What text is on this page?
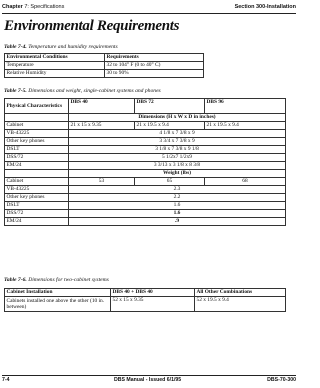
Chapter 7: Specifications	Section 300-Installation
Environmental Requirements
Table 7-4. Temperature and humidity requirements
Environmental Conditions	Requirements
Temperature	32 to 104° F (0 to 40° C)
Relative Humidity	30 to 90%
Table 7-5. Dimensions and weight, single-cabinet systems and phones
Physical Characteristics	DBS 40	DBS 72	DBS 96
	Dimensions (H x W x D in inches)		
Cabinet	21 x 15 x 9.35	21 x 19.5 x 9.4	21 x 19.5 x 9.4
VB-43225	4 1/8 x 7 3/8 x 9		
Other key phones	3 3/4 x 7 3/8 x 9		
DSLT	3 1/8 x 7 3/8 x 9 1/8		
DSS/72	5 1/2x7 1/2x9		
EM/24	3 3/13 x 3 1/8 x 8 3/8		
	Weight (lbs)		
Cabinet	53	65	68
VB-43225	2.3		
Other key phones	2.2		
DSLT	1.6		
DSS/72	1.6		
EM/24	.9		
Table 7-6. Dimensions for two-cabinet systems
Cabinet Installation	DBS 40 + DBS 40	All Other Combinations
Cabinets installed one above the other (10 in. between)	52 x 15 x 9.35	52 x 19.5 x 9.4
7-4	DBS Manual - Issued 6/1/95	DBS-70-300
